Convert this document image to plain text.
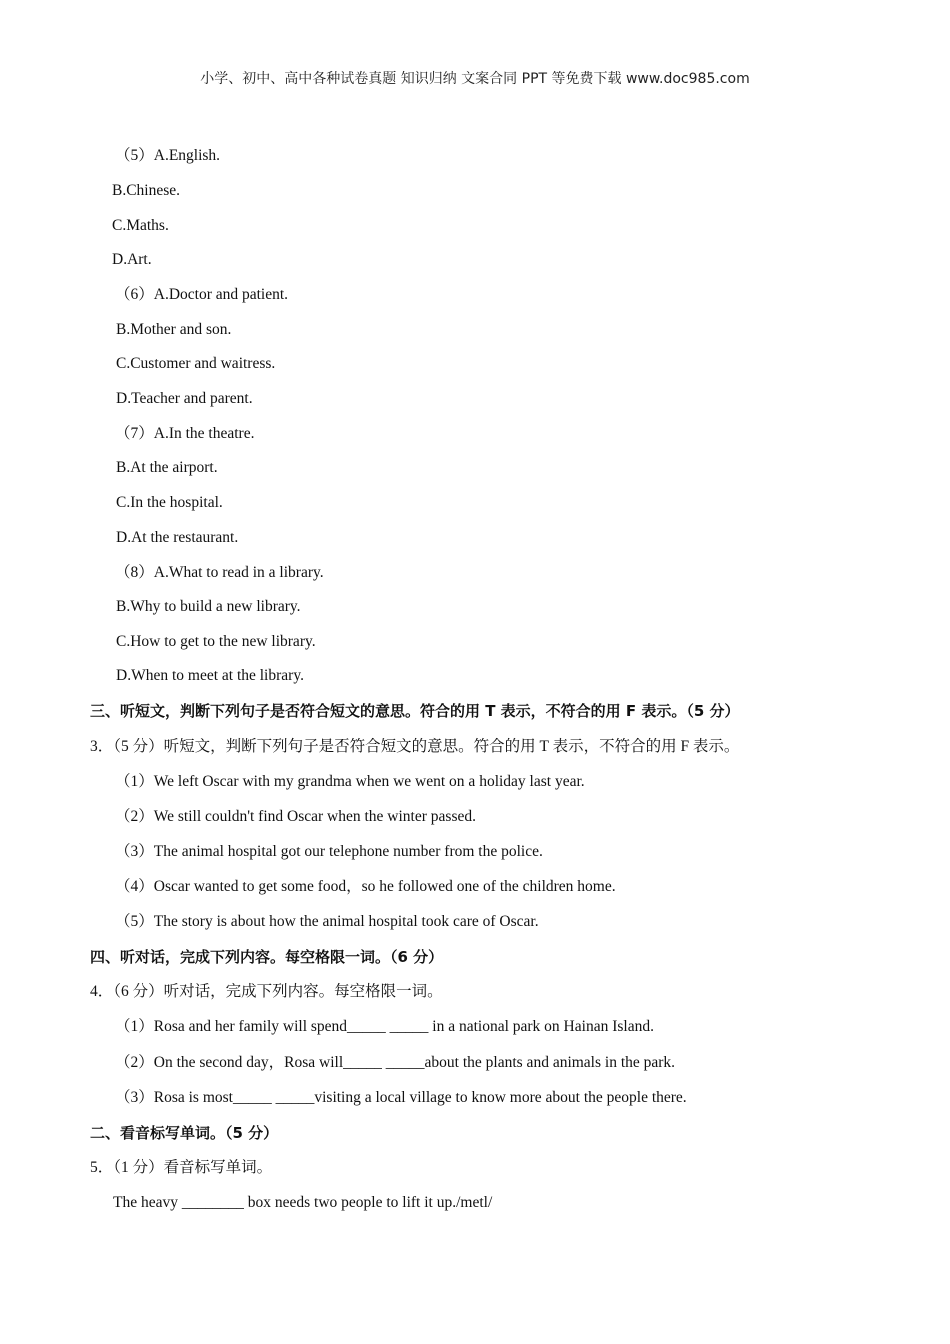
小学、初中、高中各种试卷真题 知识归纳 文案合同 PPT 等免费下载 www.doc985.com
（5）A.English.
B.Chinese.
C.Maths.
D.Art.
（6）A.Doctor and patient.
B.Mother and son.
C.Customer and waitress.
D.Teacher and parent.
（7）A.In the theatre.
B.At the airport.
C.In the hospital.
D.At the restaurant.
（8）A.What to read in a library.
B.Why to build a new library.
C.How to get to the new library.
D.When to meet at the library.
三、听短文，判断下列句子是否符合短文的意思。符合的用 T 表示，不符合的用 F 表示。（5 分）
3．（5 分）听短文，判断下列句子是否符合短文的意思。符合的用 T 表示，不符合的用 F 表示。
（1）We left Oscar with my grandma when we went on a holiday last year.
（2）We still couldn't find Oscar when the winter passed.
（3）The animal hospital got our telephone number from the police.
（4）Oscar wanted to get some food，so he followed one of the children home.
（5）The story is about how the animal hospital took care of Oscar.
四、听对话，完成下列内容。每空格限一词。（6 分）
4．（6 分）听对话，完成下列内容。每空格限一词。
（1）Rosa and her family will spend_____ _____ in a national park on Hainan Island.
（2）On the second day，Rosa will_____ _____about the plants and animals in the park.
（3）Rosa is most_____ _____visiting a local village to know more about the people there.
二、看音标写单词。（5 分）
5．（1 分）看音标写单词。
The heavy ________ box needs two people to lift it up./metl/
